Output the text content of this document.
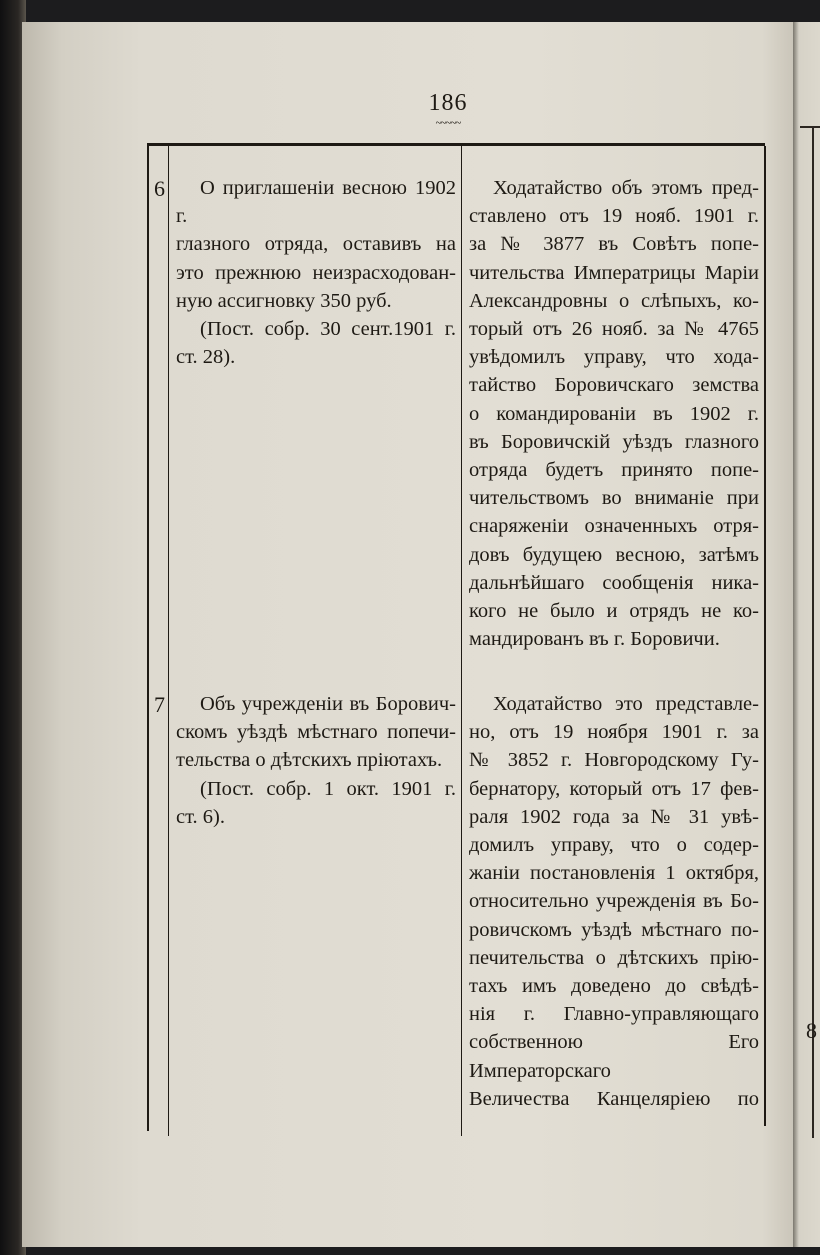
8
186
~~~~~
6	О приглашеніи весною 1902 г.

глазного отряда, оставивъ на

это прежнюю неизрасходован-

ную ассигновку 350 руб.

(Пост. собр. 30 сент.1901 г.

ст. 28).

Ходатайство объ этомъ пред-

ставлено отъ 19 нояб. 1901 г.

за № 3877 въ Совѣтъ попе-

чительства Императрицы Маріи

Александровны о слѣпыхъ, ко-

торый отъ 26 нояб. за № 4765

увѣдомилъ управу, что хода-

тайство Боровичскаго земства

о командированіи въ 1902 г.

въ Боровичскій уѣздъ глазного

отряда будетъ принято попе-

чительствомъ во вниманіе при

снаряженіи означенныхъ отря-

довъ будущею весною, затѣмъ

дальнѣйшаго сообщенія ника-

кого не было и отрядъ не ко-

мандированъ въ г. Боровичи.

7	Объ учрежденіи въ Борович-

скомъ уѣздѣ мѣстнаго попечи-

тельства о дѣтскихъ пріютахъ.

(Пост. собр. 1 окт. 1901 г.

ст. 6).

Ходатайство это представле-

но, отъ 19 ноября 1901 г. за

№ 3852 г. Новгородскому Гу-

бернатору, который отъ 17 фев-

раля 1902 года за № 31 увѣ-

домилъ управу, что о содер-

жаніи постановленія 1 октября,

относительно учрежденія въ Бо-

ровичскомъ уѣздѣ мѣстнаго по-

печительства о дѣтскихъ прію-

тахъ имъ доведено до свѣдѣ-

нія г. Главно-управляющаго

собственною Его Императорскаго

Величества Канцеляріею по
